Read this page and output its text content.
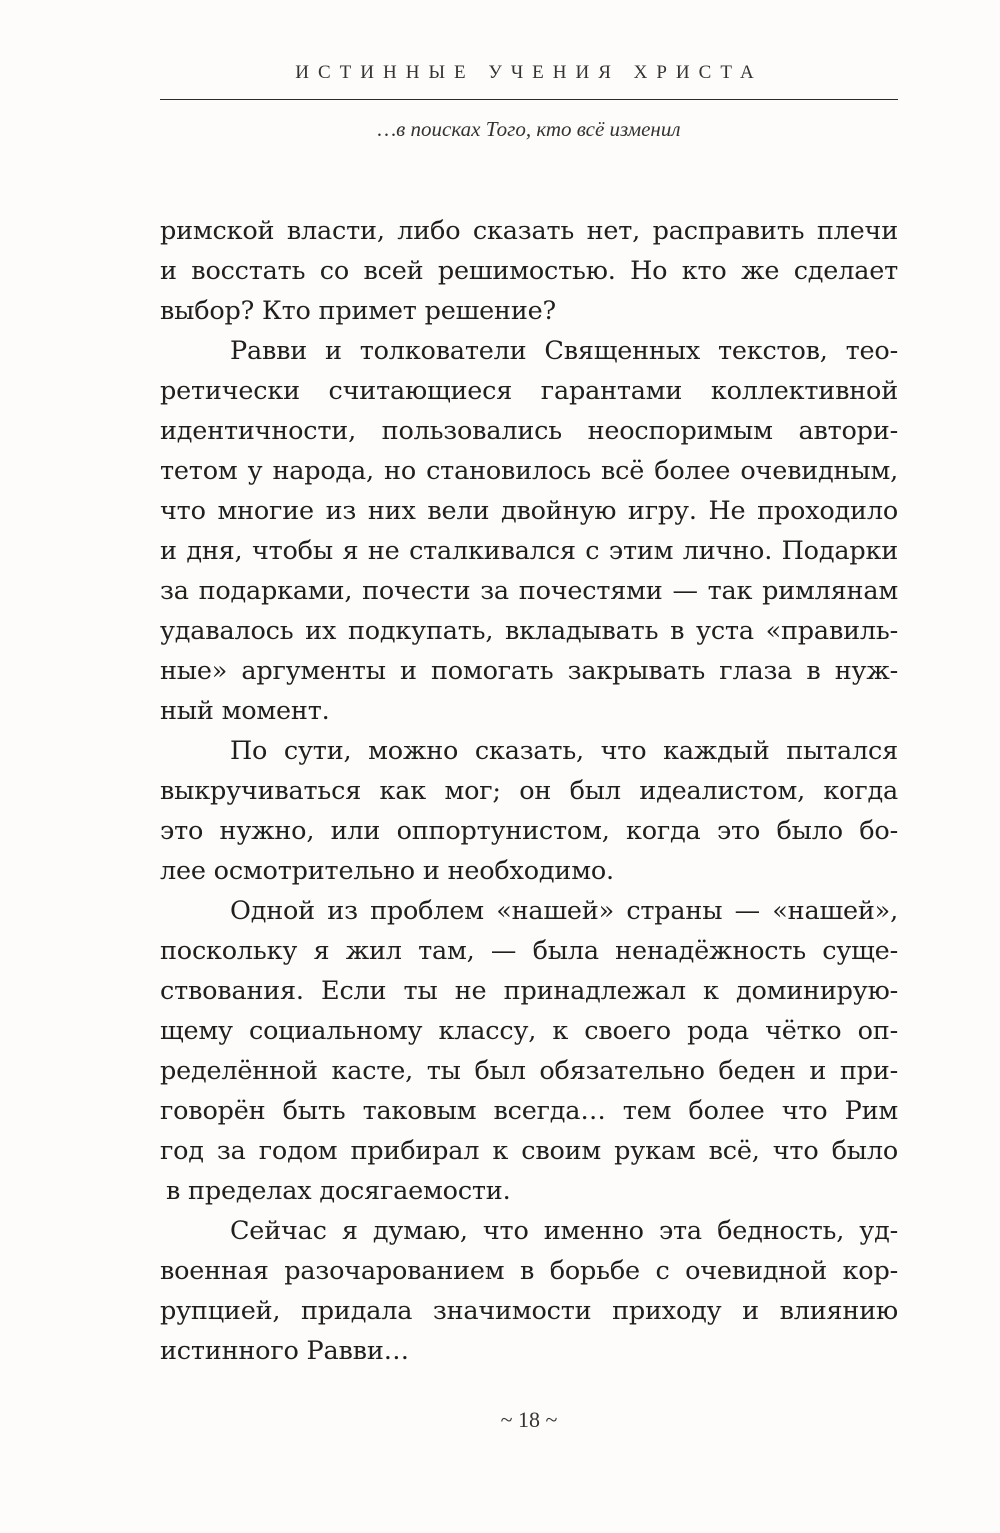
ИСТИННЫЕ УЧЕНИЯ ХРИСТА
…в поисках Того, кто всё изменил
римской власти, либо сказать нет, расправить плечи
и восстать со всей решимостью. Но кто же сделает
выбор? Кто примет решение?
Равви и толкователи Священных текстов, тео-
ретически считающиеся гарантами коллективной
идентичности, пользовались неоспоримым автори-
тетом у народа, но становилось всё более очевидным,
что многие из них вели двойную игру. Не проходило
и дня, чтобы я не сталкивался с этим лично. Подарки
за подарками, почести за почестями — так римлянам
удавалось их подкупать, вкладывать в уста «правиль-
ные» аргументы и помогать закрывать глаза в нуж-
ный момент.
По сути, можно сказать, что каждый пытался
выкручиваться как мог; он был идеалистом, когда
это нужно, или оппортунистом, когда это было бо-
лее осмотрительно и необходимо.
Одной из проблем «нашей» страны — «нашей»,
поскольку я жил там, — была ненадёжность суще-
ствования. Если ты не принадлежал к доминирую-
щему социальному классу, к своего рода чётко оп-
ределённой касте, ты был обязательно беден и при-
говорён быть таковым всегда… тем более что Рим
год за годом прибирал к своим рукам всё, что было
в пределах досягаемости.
Сейчас я думаю, что именно эта бедность, уд-
военная разочарованием в борьбе с очевидной кор-
рупцией, придала значимости приходу и влиянию
истинного Равви…
~ 18 ~
